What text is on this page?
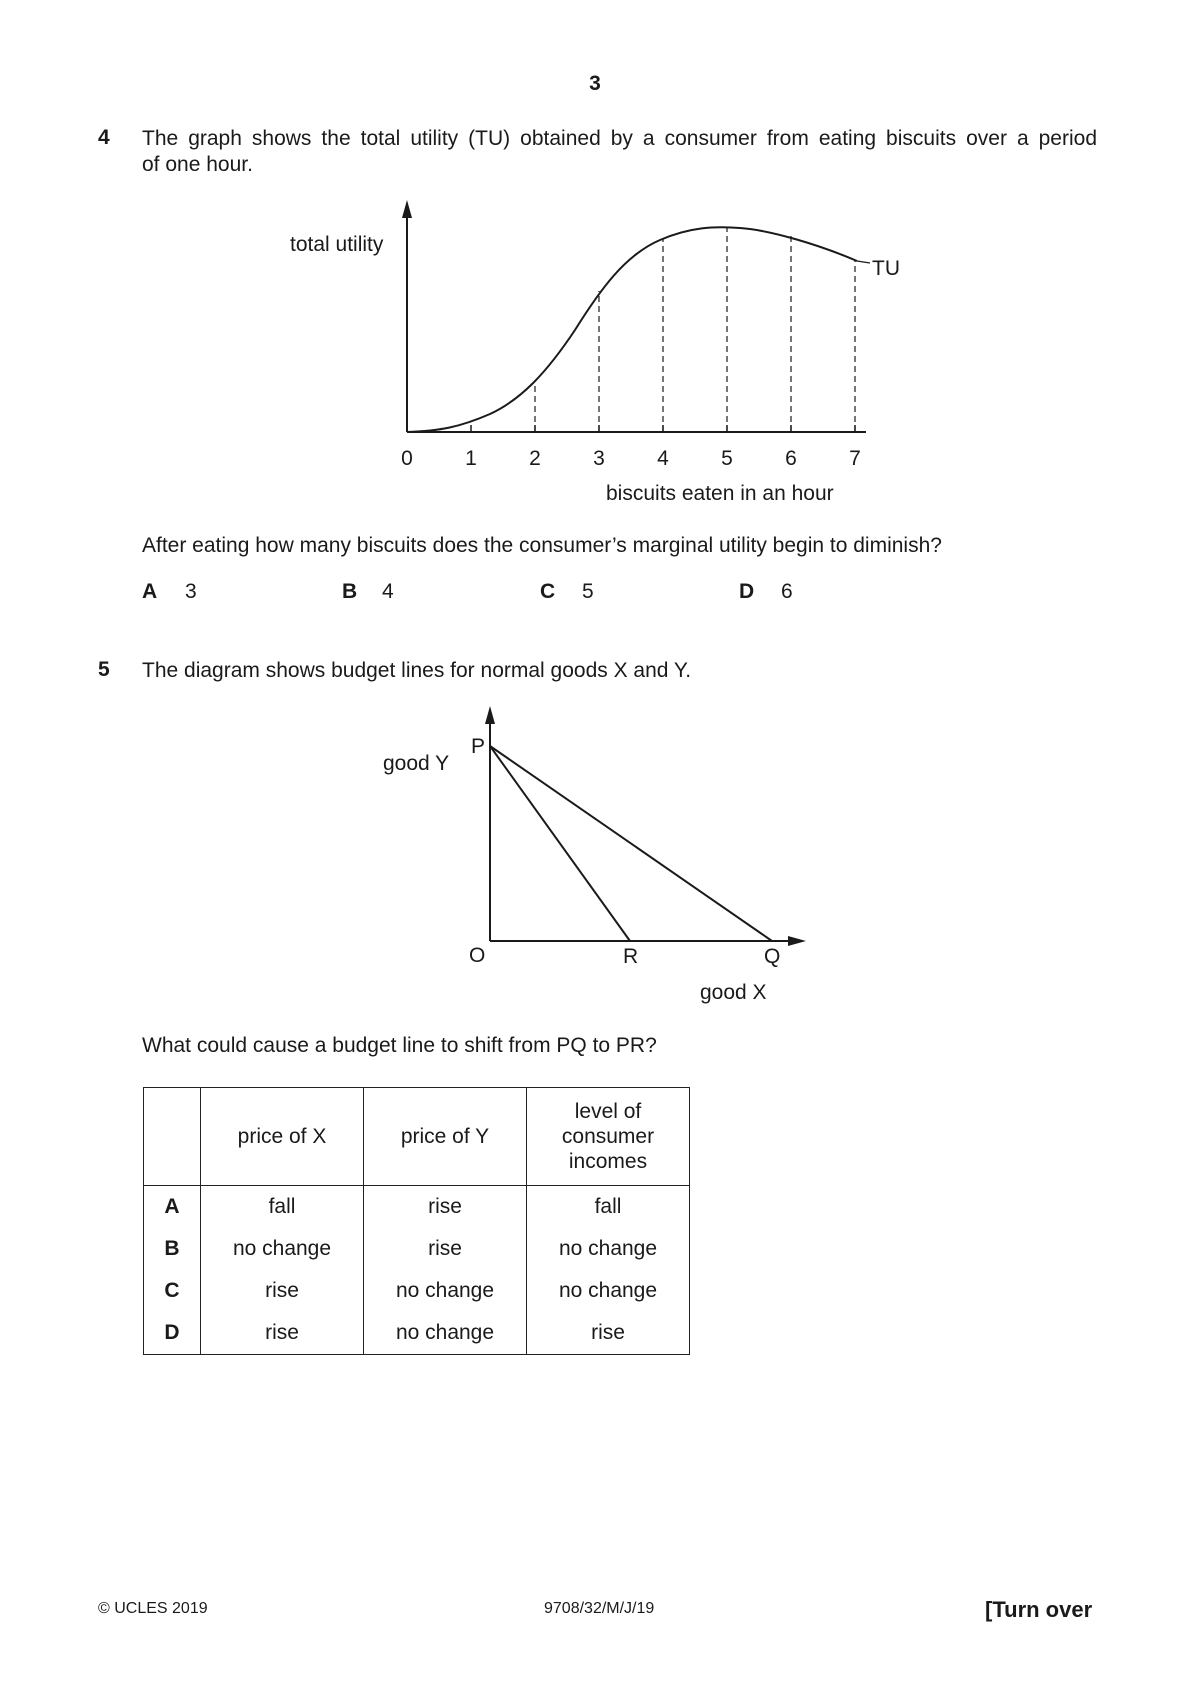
3
4 The graph shows the total utility (TU) obtained by a consumer from eating biscuits over a period
of one hour.
total utility
TU
0 1 2 3 4 5 6 7
biscuits eaten in an hour
good Y
P
O	R	Q
good X
After eating how many biscuits does the consumer’s marginal utility begin to diminish?
A 3	B 4	C 5	D 6
5 The diagram shows budget lines for normal goods X and Y.
What could cause a budget line to shift from PQ to PR?
	price of X	price of Y	level of
consumer
incomes

A	fall	rise	fall
B	no change	rise	no change
C	rise	no change	no change
D	rise	no change	rise
© UCLES 2019	9708/32/M/J/19	[Turn over
